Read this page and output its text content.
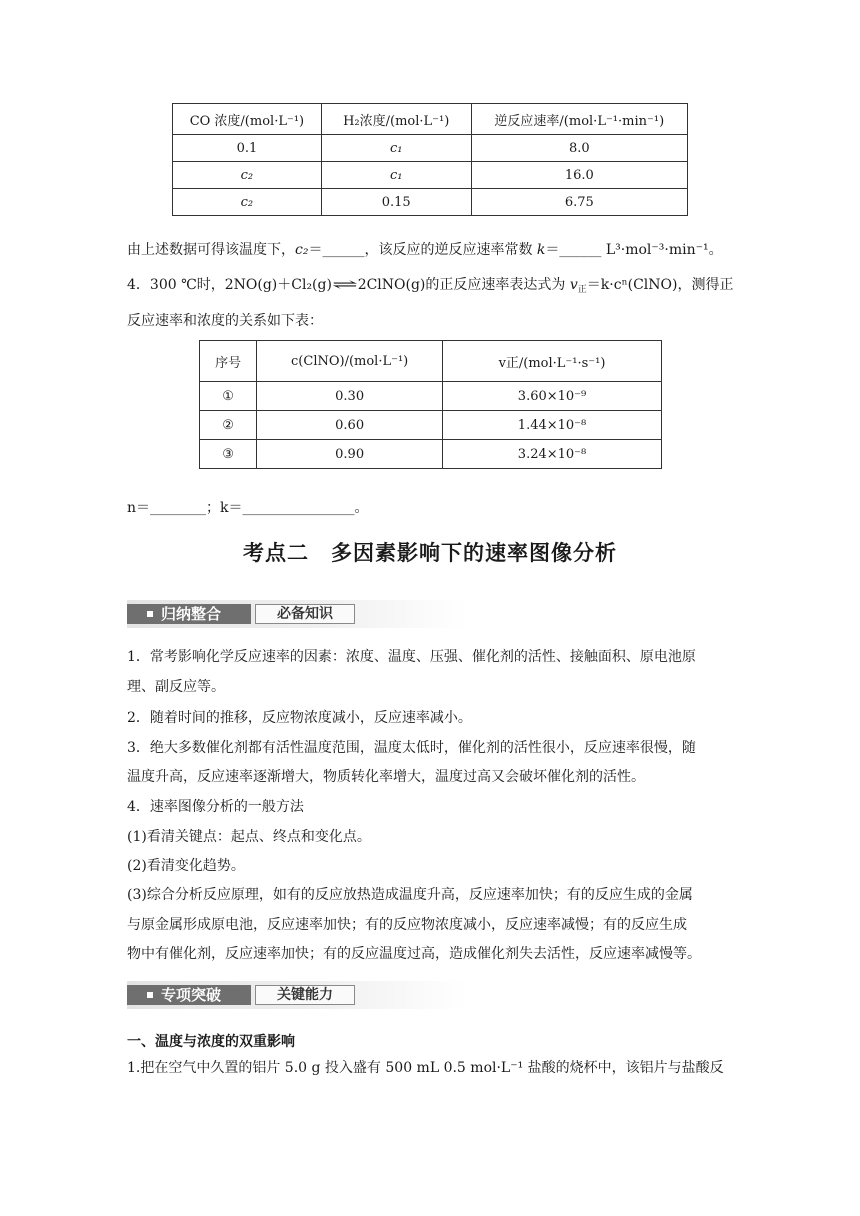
CO 浓度/(mol·L⁻¹)	H₂浓度/(mol·L⁻¹)	逆反应速率/(mol·L⁻¹·min⁻¹)
0.1	c₁	8.0
c₂	c₁	16.0
c₂	0.15	6.75
由上述数据可得该温度下，c₂＝______，该反应的逆反应速率常数 k＝______ L³·mol⁻³·min⁻¹。
4．300 ℃时，2NO(g)＋Cl₂(g)⇌2ClNO(g)的正反应速率表达式为 $v_正=k\cdot c^n(ClNO)$，测得正
反应速率和浓度的关系如下表：
序号	c(ClNO)/(mol·L⁻¹)	v正/(mol·L⁻¹·s⁻¹)
①	0.30	3.60×10⁻⁹
②	0.60	1.44×10⁻⁸
③	0.90	3.24×10⁻⁸
n＝________；k＝________________。
考点二　多因素影响下的速率图像分析
归纳整合	必备知识
1．常考影响化学反应速率的因素：浓度、温度、压强、催化剂的活性、接触面积、原电池原
理、副反应等。
2．随着时间的推移，反应物浓度减小，反应速率减小。
3．绝大多数催化剂都有活性温度范围，温度太低时，催化剂的活性很小，反应速率很慢，随
温度升高，反应速率逐渐增大，物质转化率增大，温度过高又会破坏催化剂的活性。
4．速率图像分析的一般方法
(1)看清关键点：起点、终点和变化点。
(2)看清变化趋势。
(3)综合分析反应原理，如有的反应放热造成温度升高，反应速率加快；有的反应生成的金属
与原金属形成原电池，反应速率加快；有的反应物浓度减小，反应速率减慢；有的反应生成
物中有催化剂，反应速率加快；有的反应温度过高，造成催化剂失去活性，反应速率减慢等。
专项突破	关键能力
一、温度与浓度的双重影响
1.把在空气中久置的铝片 5.0 g 投入盛有 500 mL 0.5 mol·L⁻¹ 盐酸的烧杯中，该铝片与盐酸反
